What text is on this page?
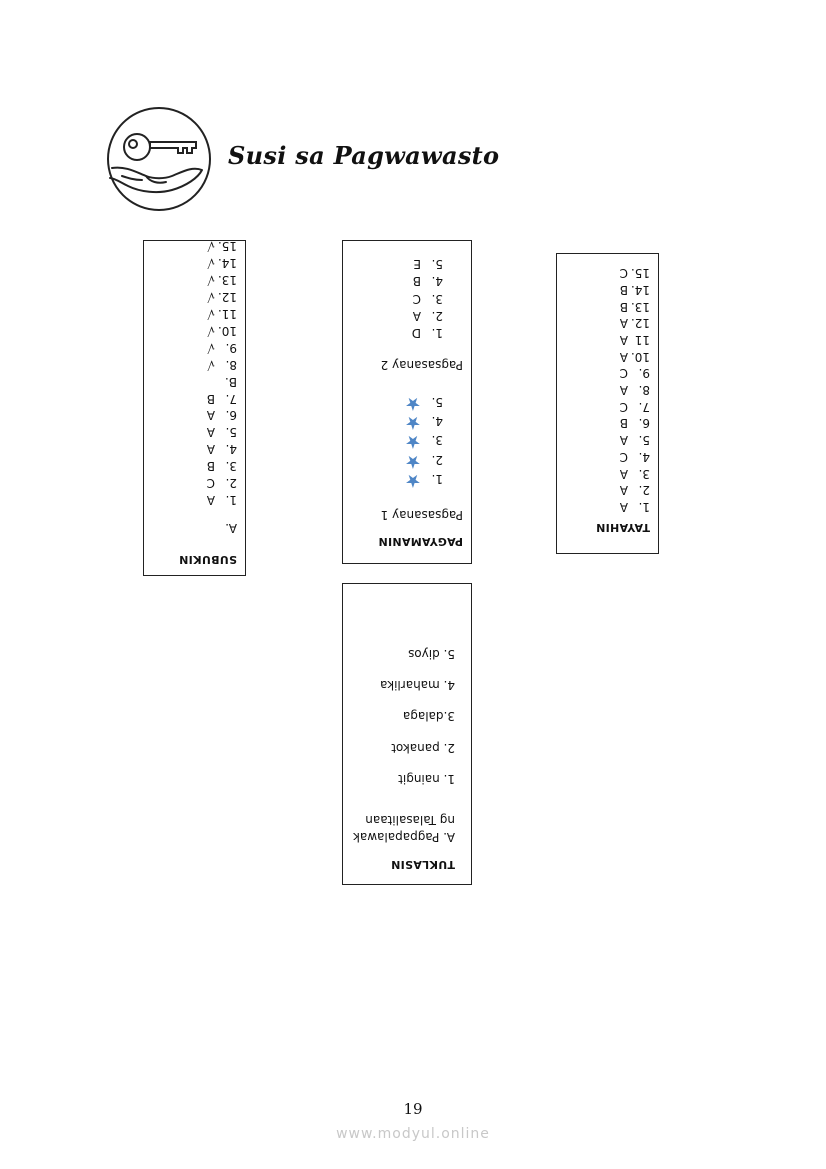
Susi sa Pagwawasto
SUBUKIN
A.
1.A
2.C
3.B
4.A
5.A
6.A
7.B
B.
8.√
9.√
10.√
11.√
12.√
13.√
14.√
15.√
PAGYAMANIN
Pagsasanay 1
Pagsasanay 2
1.★
2.★
3.★
4.★
5.★
1.D
2.A
3.C
4.B
5.E
TAYAHIN
1.A
2.A
3.A
4.C
5.A
6.B
7.C
8.A
9.C
10.A
11A
12.A
13.B
14.B
15.C
TUKLASIN
A. Pagpapalawak
ng Talasalitaan
1. naingit
2. panakot
3.dalaga
4. maharlika
5. diyos
19
www.modyul.online
